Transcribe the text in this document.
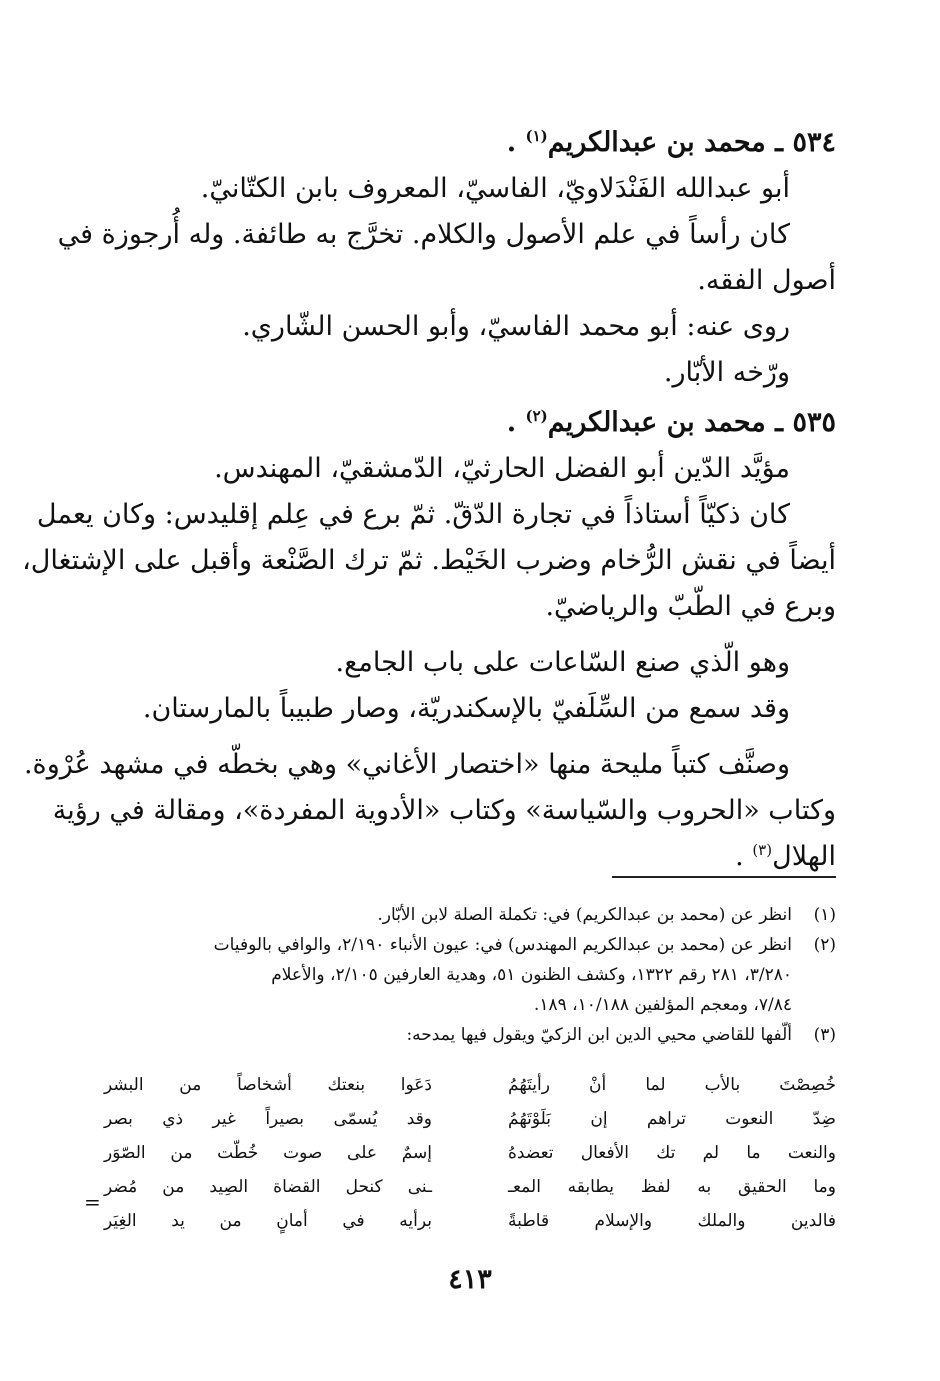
٥٣٤ ـ محمد بن عبدالكريم$^{(١)}$ .
أبو عبدالله الفَنْدَلاويّ، الفاسيّ، المعروف بابن الكتّانيّ.
كان رأساً في علم الأصول والكلام. تخرَّج به طائفة. وله أُرجوزة في
أصول الفقه.
روى عنه: أبو محمد الفاسيّ، وأبو الحسن الشّاري.
ورّخه الأبّار.
٥٣٥ ـ محمد بن عبدالكريم$^{(٢)}$ .
مؤيَّد الدّين أبو الفضل الحارثيّ، الدّمشقيّ، المهندس.
كان ذكيّاً أستاذاً في تجارة الدّقّ. ثمّ برع في عِلم إقليدس: وكان يعمل
أيضاً في نقش الرُّخام وضرب الخَيْط. ثمّ ترك الصَّنْعة وأقبل على الإشتغال،
وبرع في الطّبّ والرياضيّ.
وهو الّذي صنع السّاعات على باب الجامع.
وقد سمع من السِّلَفيّ بالإسكندريّة، وصار طبيباً بالمارستان.
وصنَّف كتباً مليحة منها «اختصار الأغاني» وهي بخطّه في مشهد عُرْوة.
وكتاب «الحروب والسّياسة» وكتاب «الأدوية المفردة»، ومقالة في رؤية
الهلال$^{(٣)}$ .
(١)
انظر عن (محمد بن عبدالكريم) في: تكملة الصلة لابن الأبّار.
(٢)
انظر عن (محمد بن عبدالكريم المهندس) في: عيون الأنباء ٢/١٩٠، والوافي بالوفيات
٣/٢٨٠، ٢٨١ رقم ١٣٢٢، وكشف الظنون ٥١، وهدية العارفين ٢/١٠٥، والأعلام
٧/٨٤، ومعجم المؤلفين ١٠/١٨٨، ١٨٩.
(٣)
ألّفها للقاضي محيي الدين ابن الزكيّ ويقول فيها يمدحه:
خُصِصْتَ بالأب لما أنْ رأيتَهُمُ
دَعَوا بنعتك أشخاصاً من البشر
ضِدّ النعوت تراهم إن بَلَوْتَهُمُ
وقد يُسمّى بصيراً غير ذي بصر
والنعت ما لم تك الأفعال تعضدهُ
إسمٌ على صوت خُطّت من الصّوَر
وما الحقيق به لفظ يطابقه المعـ
ـنى كنحل القضاة الصِيد من مُضر
فالدين والملك والإسلام قاطبةً
برأيه في أمانٍ من يد الغِيَر
=
٤١٣
